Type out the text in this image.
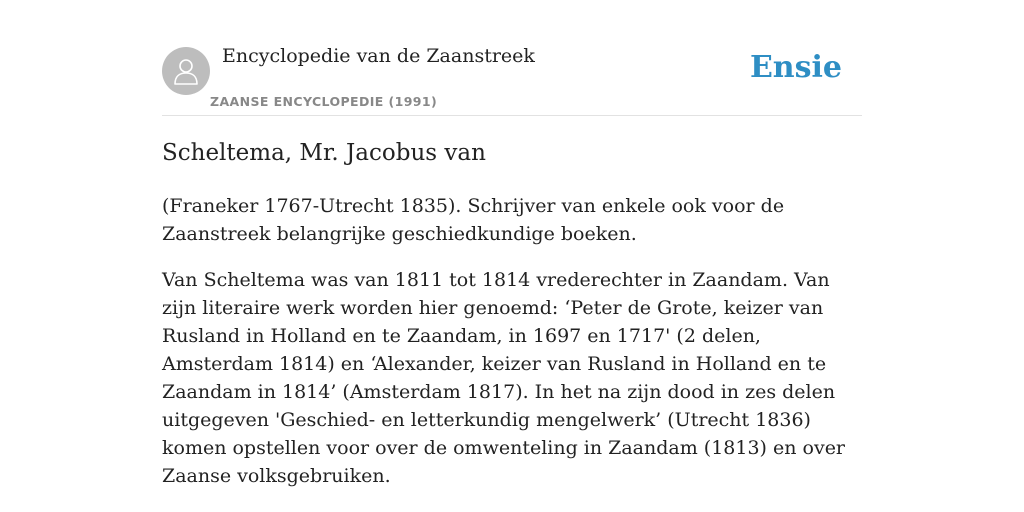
Encyclopedie van de Zaanstreek
ZAANSE ENCYCLOPEDIE (1991)
Ensie
Scheltema, Mr. Jacobus van

(Franeker 1767-Utrecht 1835). Schrijver van enkele ook voor de Zaanstreek belangrijke geschiedkundige boeken.

Van Scheltema was van 1811 tot 1814 vrederechter in Zaandam. Van zijn literaire werk worden hier genoemd: ‘Peter de Grote, keizer van Rusland in Holland en te Zaandam, in 1697 en 1717' (2 delen, Amsterdam 1814) en ‘Alexander, keizer van Rusland in Holland en te Zaandam in 1814’ (Amsterdam 1817). In het na zijn dood in zes delen uitgegeven 'Geschied- en letterkundig mengelwerk’ (Utrecht 1836) komen opstellen voor over de omwenteling in Zaandam (1813) en over Zaanse volksgebruiken.
